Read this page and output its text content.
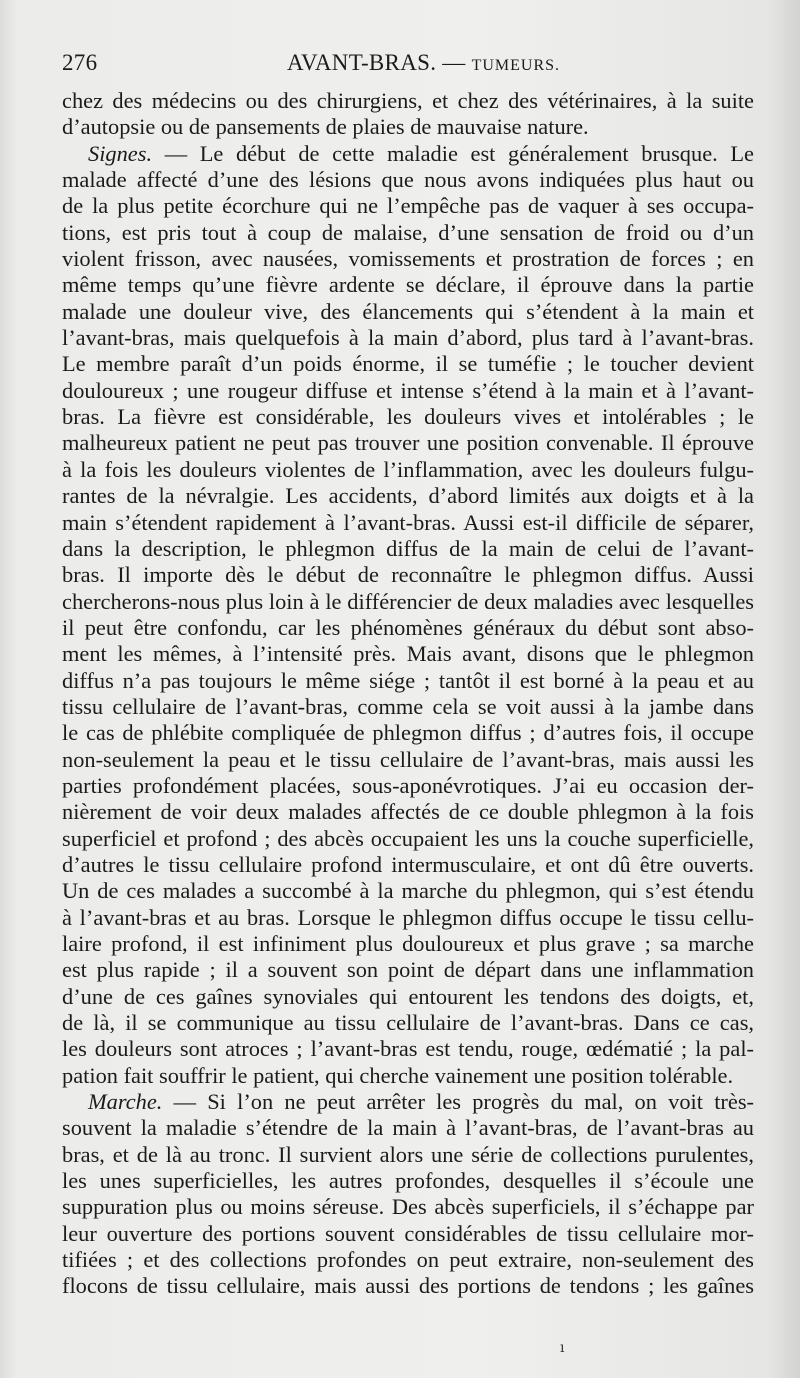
276	AVANT-BRAS. — TUMEURS.
chez des médecins ou des chirurgiens, et chez des vétérinaires, à la suite
d’autopsie ou de pansements de plaies de mauvaise nature.
Signes. — Le début de cette maladie est généralement brusque. Le
malade affecté d’une des lésions que nous avons indiquées plus haut ou
de la plus petite écorchure qui ne l’empêche pas de vaquer à ses occupa-
tions, est pris tout à coup de malaise, d’une sensation de froid ou d’un
violent frisson, avec nausées, vomissements et prostration de forces ; en
même temps qu’une fièvre ardente se déclare, il éprouve dans la partie
malade une douleur vive, des élancements qui s’étendent à la main et
l’avant-bras, mais quelquefois à la main d’abord, plus tard à l’avant-bras.
Le membre paraît d’un poids énorme, il se tuméfie ; le toucher devient
douloureux ; une rougeur diffuse et intense s’étend à la main et à l’avant-
bras. La fièvre est considérable, les douleurs vives et intolérables ; le
malheureux patient ne peut pas trouver une position convenable. Il éprouve
à la fois les douleurs violentes de l’inflammation, avec les douleurs fulgu-
rantes de la névralgie. Les accidents, d’abord limités aux doigts et à la
main s’étendent rapidement à l’avant-bras. Aussi est-il difficile de séparer,
dans la description, le phlegmon diffus de la main de celui de l’avant-
bras. Il importe dès le début de reconnaître le phlegmon diffus. Aussi
chercherons-nous plus loin à le différencier de deux maladies avec lesquelles
il peut être confondu, car les phénomènes généraux du début sont abso-
ment les mêmes, à l’intensité près. Mais avant, disons que le phlegmon
diffus n’a pas toujours le même siége ; tantôt il est borné à la peau et au
tissu cellulaire de l’avant-bras, comme cela se voit aussi à la jambe dans
le cas de phlébite compliquée de phlegmon diffus ; d’autres fois, il occupe
non-seulement la peau et le tissu cellulaire de l’avant-bras, mais aussi les
parties profondément placées, sous-aponévrotiques. J’ai eu occasion der-
nièrement de voir deux malades affectés de ce double phlegmon à la fois
superficiel et profond ; des abcès occupaient les uns la couche superficielle,
d’autres le tissu cellulaire profond intermusculaire, et ont dû être ouverts.
Un de ces malades a succombé à la marche du phlegmon, qui s’est étendu
à l’avant-bras et au bras. Lorsque le phlegmon diffus occupe le tissu cellu-
laire profond, il est infiniment plus douloureux et plus grave ; sa marche
est plus rapide ; il a souvent son point de départ dans une inflammation
d’une de ces gaînes synoviales qui entourent les tendons des doigts, et,
de là, il se communique au tissu cellulaire de l’avant-bras. Dans ce cas,
les douleurs sont atroces ; l’avant-bras est tendu, rouge, œdématié ; la pal-
pation fait souffrir le patient, qui cherche vainement une position tolérable.
Marche. — Si l’on ne peut arrêter les progrès du mal, on voit très-
souvent la maladie s’étendre de la main à l’avant-bras, de l’avant-bras au
bras, et de là au tronc. Il survient alors une série de collections purulentes,
les unes superficielles, les autres profondes, desquelles il s’écoule une
suppuration plus ou moins séreuse. Des abcès superficiels, il s’échappe par
leur ouverture des portions souvent considérables de tissu cellulaire mor-
tifiées ; et des collections profondes on peut extraire, non-seulement des
flocons de tissu cellulaire, mais aussi des portions de tendons ; les gaînes
ı
